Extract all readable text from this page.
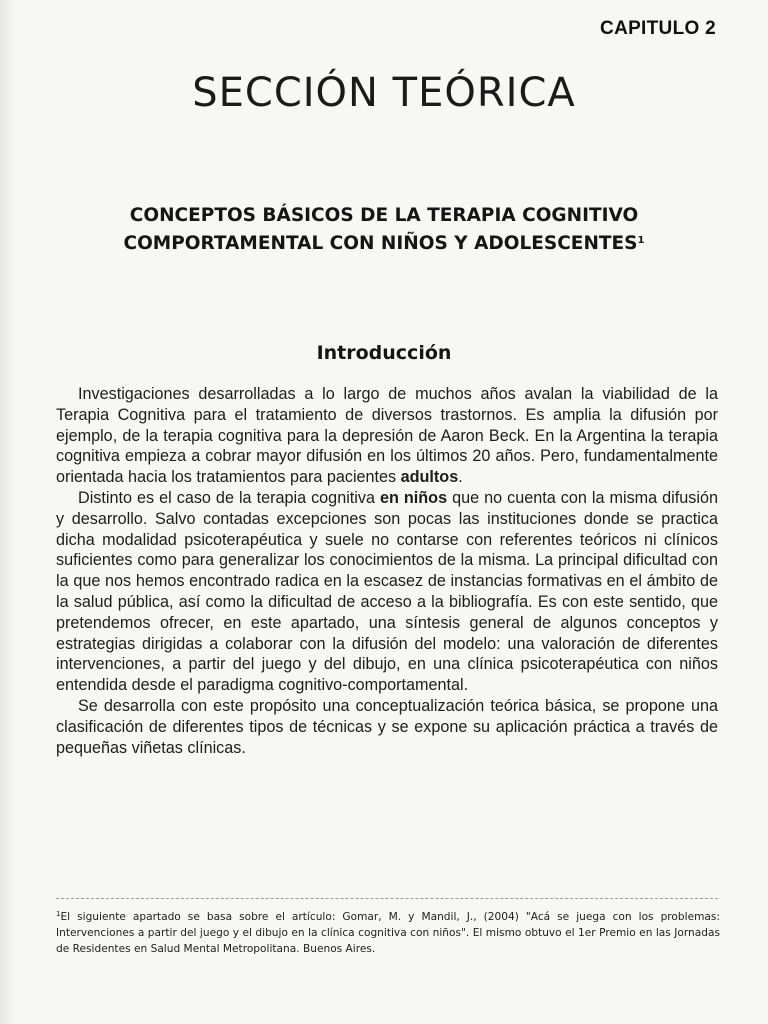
CAPITULO 2
SECCIÓN TEÓRICA
CONCEPTOS BÁSICOS DE LA TERAPIA COGNITIVO
COMPORTAMENTAL CON NIÑOS Y ADOLESCENTES$^1$
Introducción

Investigaciones desarrolladas a lo largo de muchos años avalan la viabilidad de la Terapia Cognitiva para el tratamiento de diversos trastornos. Es amplia la difusión por ejemplo, de la terapia cognitiva para la depresión de Aaron Beck. En la Argentina la terapia cognitiva empieza a cobrar mayor difusión en los últimos 20 años. Pero, fundamentalmente orientada hacia los tratamientos para pacientes adultos.

Distinto es el caso de la terapia cognitiva en niños que no cuenta con la misma difusión y desarrollo. Salvo contadas excepciones son pocas las instituciones donde se practica dicha modalidad psicoterapéutica y suele no contarse con referentes teóricos ni clínicos suficientes como para generalizar los conocimientos de la misma. La principal dificultad con la que nos hemos encontrado radica en la escasez de instancias formativas en el ámbito de la salud pública, así como la dificultad de acceso a la bibliografía. Es con este sentido, que pretendemos ofrecer, en este apartado, una síntesis general de algunos conceptos y estrategias dirigidas a colaborar con la difusión del modelo: una valoración de diferentes intervenciones, a partir del juego y del dibujo, en una clínica psicoterapéutica con niños entendida desde el paradigma cognitivo-comportamental.

Se desarrolla con este propósito una conceptualización teórica básica, se propone una clasificación de diferentes tipos de técnicas y se expone su aplicación práctica a través de pequeñas viñetas clínicas.

$^1$El siguiente apartado se basa sobre el artículo: Gomar, M. y Mandil, J., (2004) "Acá se juega con los problemas: Intervenciones a partir del juego y el dibujo en la clínica cognitiva con niños". El mismo obtuvo el 1er Premio en las Jornadas de Residentes en Salud Mental Metropolitana. Buenos Aires.
